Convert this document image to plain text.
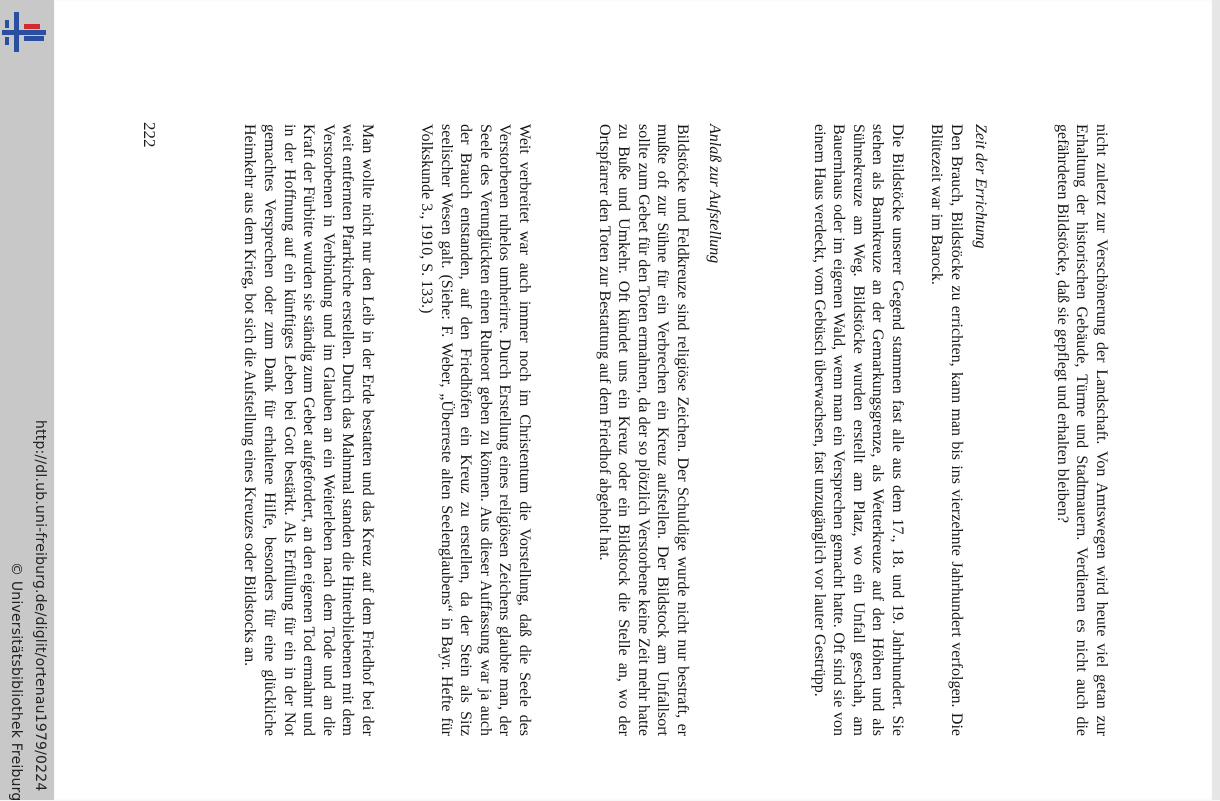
http://dl.ub.uni-freiburg.de/diglit/ortenau1979/0224
© Universitätsbibliothek Freiburg
222	nicht zuletzt zur Verschönerung der Landschaft. Von Amtswegen wird heute viel getan zur Erhaltung der historischen Gebäude, Türme und Stadtmauern. Verdienen es nicht auch die gefährdeten Bildstöcke, daß sie gepflegt und erhalten bleiben?
Zeit der Errichtung
Den Brauch, Bildstöcke zu errichten, kann man bis ins vierzehnte Jahrhundert verfolgen. Die Blütezeit war im Barock.
Die Bildstöcke unserer Gegend stammen fast alle aus dem 17., 18. und 19. Jahrhundert. Sie stehen als Bannkreuze an der Gemarkungsgrenze, als Wetterkreuze auf den Höhen und als Sühnekreuze am Weg. Bildstöcke wurden erstellt am Platz, wo ein Unfall geschah, am Bauernhaus oder im eigenen Wald, wenn man ein Versprechen gemacht hatte. Oft sind sie von einem Haus verdeckt, vom Gebüsch überwachsen, fast unzugänglich vor lauter Gestrüpp.
Anlaß zur Aufstellung
Bildstöcke und Feldkreuze sind religiöse Zeichen. Der Schuldige wurde nicht nur bestraft, er mußte oft zur Sühne für ein Verbrechen ein Kreuz aufstellen. Der Bildstock am Unfallsort sollte zum Gebet für den Toten ermahnen, da der so plötzlich Verstorbene keine Zeit mehr hatte zu Buße und Umkehr. Oft kündet uns ein Kreuz oder ein Bildstock die Stelle an, wo der Ortspfarrer den Toten zur Bestattung auf dem Friedhof abgeholt hat.
Weit verbreitet war auch immer noch im Christentum die Vorstellung, daß die Seele des Verstorbenen ruhelos umherirre. Durch Erstellung eines religiösen Zeichens glaubte man, der Seele des Verunglückten einen Ruheort geben zu können. Aus dieser Auffassung war ja auch der Brauch entstanden, auf den Friedhöfen ein Kreuz zu erstellen, da der Stein als Sitz seelischer Wesen galt. (Siehe: F. Weber, „Überreste alten Seelenglaubens“ in Bayr. Hefte für Volkskunde 3., 1910, S. 133.)
Man wollte nicht nur den Leib in der Erde bestatten und das Kreuz auf dem Friedhof bei der weit entfernten Pfarrkirche erstellen. Durch das Mahnmal standen die Hinterbliebenen mit dem Verstorbenen in Verbindung und im Glauben an ein Weiterleben nach dem Tode und an die Kraft der Fürbitte wurden sie ständig zum Gebet aufgefordert, an den eigenen Tod ermahnt und in der Hoffnung auf ein künftiges Leben bei Gott bestärkt. Als Erfüllung für ein in der Not gemachtes Versprechen oder zum Dank für erhaltene Hilfe, besonders für eine glückliche Heimkehr aus dem Krieg, bot sich die Aufstellung eines Kreuzes oder Bildstocks an.
